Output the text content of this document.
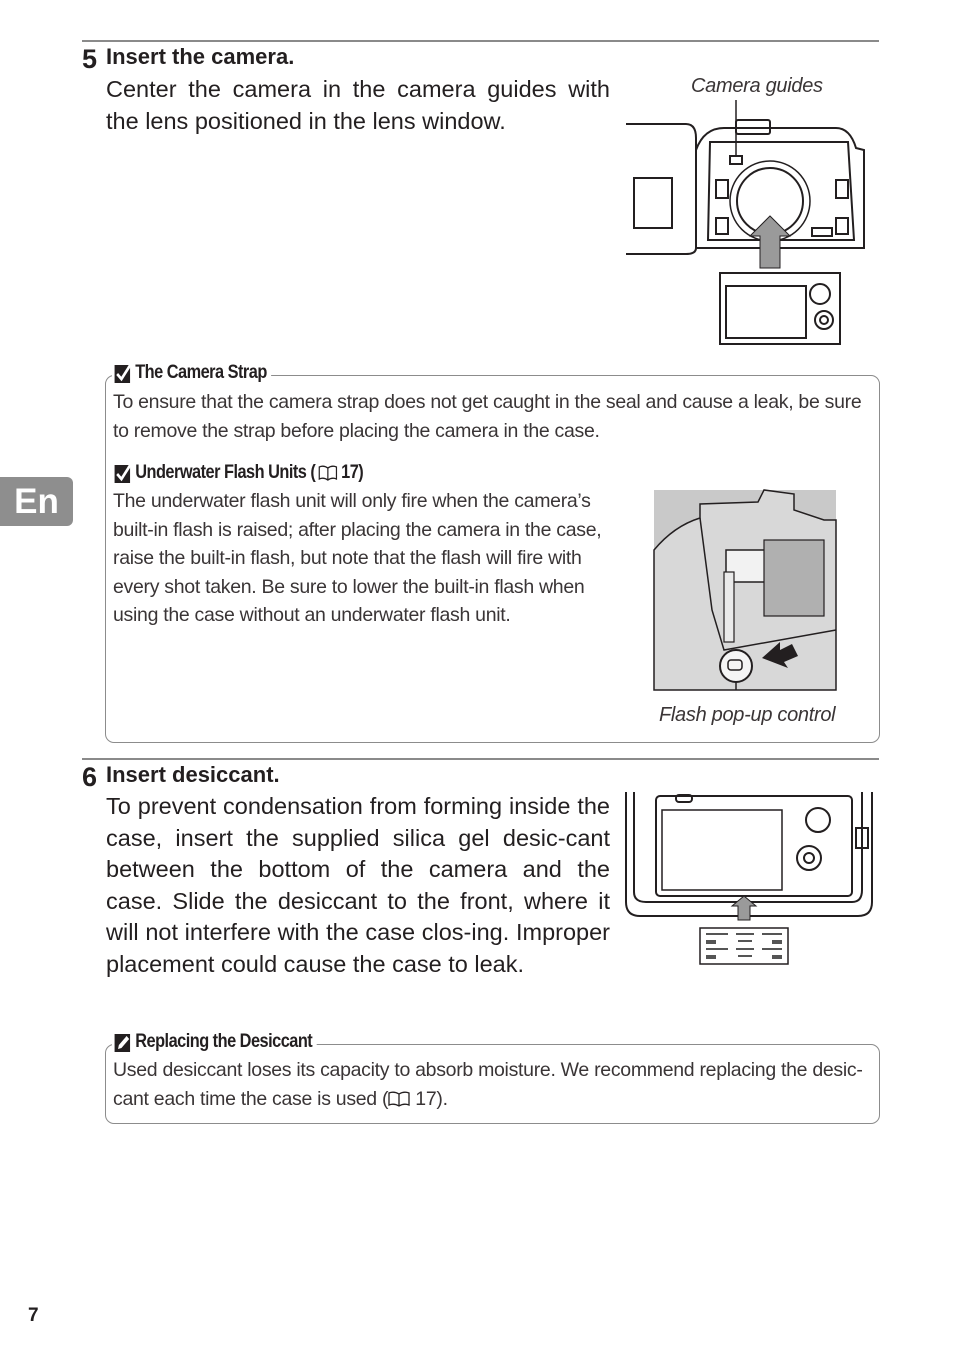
5 Insert the camera.
Center the camera in the camera guides with the lens positioned in the lens window.
Camera guides
The Camera Strap
To ensure that the camera strap does not get caught in the seal and cause a leak, be sure to remove the strap before placing the camera in the case.
Underwater Flash Units ( 17)
The underwater flash unit will only fire when the camera’s built-in flash is raised; after placing the camera in the case, raise the built-in flash, but note that the flash will fire with every shot taken. Be sure to lower the built-in flash when using the case without an underwater flash unit.
Flash pop-up control
En
6 Insert desiccant.
To prevent condensation from forming inside the case, insert the supplied silica gel desic-cant between the bottom of the camera and the case. Slide the desiccant to the front, where it will not interfere with the case clos-ing. Improper placement could cause the case to leak.
Replacing the Desiccant
Used desiccant loses its capacity to absorb moisture. We recommend replacing the desic-cant each time the case is used ( 17).
7
